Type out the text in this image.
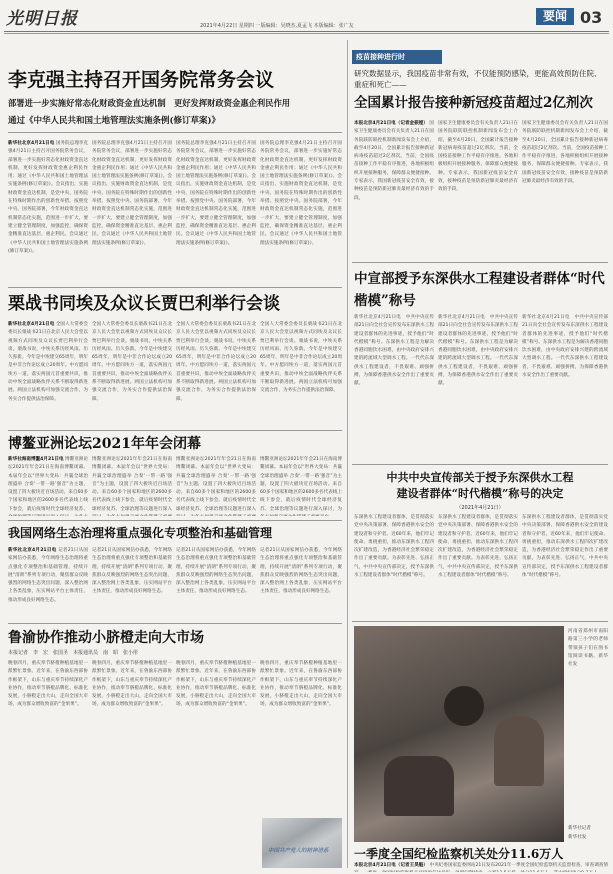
光明日报	2021年4月22日 星期四 一版编辑：吴晓杰,夏孟飞 本版编辑：张广友
要闻 03
李克强主持召开国务院常务会议
部署进一步实施好常态化财政资金直达机制　更好发挥财政资金惠企利民作用
通过《中华人民共和国土地管理法实施条例(修订草案)》
新华社北京4月21日电 国务院总理李克强4月21日主持召开国务院常务会议，部署进一步实施好常态化财政资金直达机制，更好发挥财政资金惠企利民作用；通过《中华人民共和国土地管理法实施条例(修订草案)》。会议指出，实施财政资金直达机制，是党中央、国务院在特殊时期作出的创新性举措。按照党中央、国务院部署，今年财政资金直达机制常态化实施，范围进一步扩大，要建立健全管理制度，加强监控，确保资金精准直达基层、惠企利民。会议通过《中华人民共和国土地管理法实施条例(修订草案)》。
国务院总理李克强4月21日主持召开国务院常务会议，部署进一步实施好常态化财政资金直达机制，更好发挥财政资金惠企利民作用；通过《中华人民共和国土地管理法实施条例(修订草案)》。会议指出，实施财政资金直达机制，是党中央、国务院在特殊时期作出的创新性举措。按照党中央、国务院部署，今年财政资金直达机制常态化实施，范围进一步扩大，要建立健全管理制度，加强监控，确保资金精准直达基层、惠企利民。会议通过《中华人民共和国土地管理法实施条例(修订草案)》。
国务院总理李克强4月21日主持召开国务院常务会议，部署进一步实施好常态化财政资金直达机制，更好发挥财政资金惠企利民作用；通过《中华人民共和国土地管理法实施条例(修订草案)》。会议指出，实施财政资金直达机制，是党中央、国务院在特殊时期作出的创新性举措。按照党中央、国务院部署，今年财政资金直达机制常态化实施，范围进一步扩大，要建立健全管理制度，加强监控，确保资金精准直达基层、惠企利民。会议通过《中华人民共和国土地管理法实施条例(修订草案)》。
国务院总理李克强4月21日主持召开国务院常务会议，部署进一步实施好常态化财政资金直达机制，更好发挥财政资金惠企利民作用；通过《中华人民共和国土地管理法实施条例(修订草案)》。会议指出，实施财政资金直达机制，是党中央、国务院在特殊时期作出的创新性举措。按照党中央、国务院部署，今年财政资金直达机制常态化实施，范围进一步扩大，要建立健全管理制度，加强监控，确保资金精准直达基层、惠企利民。会议通过《中华人民共和国土地管理法实施条例(修订草案)》。
栗战书同埃及众议长贾巴利举行会谈
新华社北京4月21日电 全国人大常委会委员长栗战书21日在北京人民大会堂以视频方式同埃及众议长贾巴利举行会谈。栗战书说，中埃关系历经风雨、历久弥新。今年是中埃建交65周年，明年是中非合作论坛成立20周年。中方愿同埃方一道，落实两国元首重要共识，推动中埃全面战略伙伴关系不断取得新进展。两国立法机构可加强交流合作，为务实合作提供法治保障。
全国人大常委会委员长栗战书21日在北京人民大会堂以视频方式同埃及众议长贾巴利举行会谈。栗战书说，中埃关系历经风雨、历久弥新。今年是中埃建交65周年，明年是中非合作论坛成立20周年。中方愿同埃方一道，落实两国元首重要共识，推动中埃全面战略伙伴关系不断取得新进展。两国立法机构可加强交流合作，为务实合作提供法治保障。
全国人大常委会委员长栗战书21日在北京人民大会堂以视频方式同埃及众议长贾巴利举行会谈。栗战书说，中埃关系历经风雨、历久弥新。今年是中埃建交65周年，明年是中非合作论坛成立20周年。中方愿同埃方一道，落实两国元首重要共识，推动中埃全面战略伙伴关系不断取得新进展。两国立法机构可加强交流合作，为务实合作提供法治保障。
全国人大常委会委员长栗战书21日在北京人民大会堂以视频方式同埃及众议长贾巴利举行会谈。栗战书说，中埃关系历经风雨、历久弥新。今年是中埃建交65周年，明年是中非合作论坛成立20周年。中方愿同埃方一道，落实两国元首重要共识，推动中埃全面战略伙伴关系不断取得新进展。两国立法机构可加强交流合作，为务实合作提供法治保障。
博鳌亚洲论坛2021年年会闭幕
新华社海南博鳌4月21日电 博鳌亚洲论坛2021年年会21日在海南博鳌闭幕。本届年会以“世界大变局：共襄全球治理盛举 合奏‘一带一路’强音”为主题，设置了四大板块近百场活动。来自60多个国家和地区的2600多名代表线上线下参会，就后疫情时代全球经济复苏、
博鳌亚洲论坛2021年年会21日在海南博鳌闭幕。本届年会以“世界大变局：共襄全球治理盛举 合奏‘一带一路’强音”为主题，设置了四大板块近百场活动。来自60多个国家和地区的2600多名代表线上线下参会，就后疫情时代全球经济复苏、全球治理等议题进行深入
博鳌亚洲论坛2021年年会21日在海南博鳌闭幕。本届年会以“世界大变局：共襄全球治理盛举 合奏‘一带一路’强音”为主题，设置了四大板块近百场活动。来自60多个国家和地区的2600多名代表线上线下参会，就后疫情时代全球经济复苏、全球治理等议题进行深入
博鳌亚洲论坛2021年年会21日在海南博鳌闭幕。本届年会以“世界大变局：共襄全球治理盛举 合奏‘一带一路’强音”为主题，设置了四大板块近百场活动。来自60多个国家和地区的2600多名代表线上线下参会，就后疫情时代全球经济复苏、全球治理等议题进行深入探讨，为
我国网络生态治理将重点强化专项整治和基础管理
新华社北京4月21日电 记者21日从国家网信办获悉，今年网络生态治理将重点强化专项整治和基础管理，持续开展“清朗”系列专项行动，聚焦群众反映强烈的网络生态突出问题，深入整治网上各类乱象，压实网站平台主体责任，推动形成良好网络生态。
记者21日从国家网信办获悉，今年网络生态治理将重点强化专项整治和基础管理，持续开展“清朗”系列专项行动，聚焦群众反映强烈的网络生态突出问题，深入整治网上各类乱象，压实网站平台主体责任，推动形成良好网络生态。
记者21日从国家网信办获悉，今年网络生态治理将重点强化专项整治和基础管理，持续开展“清朗”系列专项行动，聚焦群众反映强烈的网络生态突出问题，深入整治网上各类乱象，压实网站平台主体责任，推动形成良好网络生态。
记者21日从国家网信办获悉，今年网络生态治理将重点强化专项整治和基础管理，持续开展“清朗”系列专项行动，聚焦群众反映强烈的网络生态突出问题，深入整治网上各类乱象，压实网站平台主体责任，推动形成良好网络生态。
鲁渝协作推动小脐橙走向大市场
本报记者　李　宏　张国圣　本报通讯员　南　昭　张小彤
晚春四月，重庆奉节脐橙种植基地里一派繁忙景象。近年来，在鲁渝东西部协作框架下，山东与重庆奉节持续深化产业协作，推动奉节脐橙品牌化、标准化发展，小脐橙走出大山，走向全国大市场，成为群众增收致富的“金果果”。
晚春四月，重庆奉节脐橙种植基地里一派繁忙景象。近年来，在鲁渝东西部协作框架下，山东与重庆奉节持续深化产业协作，推动奉节脐橙品牌化、标准化发展，小脐橙走出大山，走向全国大市场，成为群众增收致富的“金果果”。
晚春四月，重庆奉节脐橙种植基地里一派繁忙景象。近年来，在鲁渝东西部协作框架下，山东与重庆奉节持续深化产业协作，推动奉节脐橙品牌化、标准化发展，小脐橙走出大山，走向全国大市场，成为群众增收致富的“金果果”。
晚春四月，重庆奉节脐橙种植基地里一派繁忙景象。近年来，在鲁渝东西部协作框架下，山东与重庆奉节持续深化产业协作，推动奉节脐橙品牌化、标准化发展，小脐橙走出大山，走向全国大市场，成为群众增收致富的“金果果”。
中国共产党人的精神谱系
疫苗接种进行时
研究数据显示，我国疫苗非常有效，不仅能预防感染，更能高效预防住院、重症和死亡——
全国累计报告接种新冠疫苗超过2亿剂次
本报北京4月21日电（记者金振娅） 国家卫生健康委员会有关负责人21日在国务院联防联控机制新闻发布会上介绍，截至4月20日，全国累计报告接种新冠病毒疫苗超过2亿剂次。当前，全国疫苗接种工作平稳有序推进，各地积极组织开展接种服务，保障群众便捷接种。专家表示，我国新冠疫苗安全有效，接种疫苗是预防新冠肺炎最经济有效的手段。
国家卫生健康委员会有关负责人21日在国务院联防联控机制新闻发布会上介绍，截至4月20日，全国累计报告接种新冠病毒疫苗超过2亿剂次。当前，全国疫苗接种工作平稳有序推进，各地积极组织开展接种服务，保障群众便捷接种。专家表示，我国新冠疫苗安全有效，接种疫苗是预防新冠肺炎最经济有效的手段。
国家卫生健康委员会有关负责人21日在国务院联防联控机制新闻发布会上介绍，截至4月20日，全国累计报告接种新冠病毒疫苗超过2亿剂次。当前，全国疫苗接种工作平稳有序推进，各地积极组织开展接种服务，保障群众便捷接种。专家表示，我国新冠疫苗安全有效，接种疫苗是预防新冠肺炎最经济有效的手段。
中宣部授予东深供水工程建设者群体“时代楷模”称号
新华社北京4月21日电　中共中央宣传部21日向全社会宣传发布东深供水工程建设者群体的先进事迹，授予他们“时代楷模”称号。东深供水工程是为解决香港同胞饮水困难，由中央政府安排兴建的跨流域大型调水工程。一代代东深供水工程建设者，不畏艰难、顽强拼搏，为保障香港供水安全作出了重要贡献。
新华社北京4月21日电　中共中央宣传部21日向全社会宣传发布东深供水工程建设者群体的先进事迹，授予他们“时代楷模”称号。东深供水工程是为解决香港同胞饮水困难，由中央政府安排兴建的跨流域大型调水工程。一代代东深供水工程建设者，不畏艰难、顽强拼搏，为保障香港供水安全作出了重要贡献。
新华社北京4月21日电　中共中央宣传部21日向全社会宣传发布东深供水工程建设者群体的先进事迹，授予他们“时代楷模”称号。东深供水工程是为解决香港同胞饮水困难，由中央政府安排兴建的跨流域大型调水工程。一代代东深供水工程建设者，不畏艰难、顽强拼搏，为保障香港供水安全作出了重要贡献。
中共中央宣传部关于授予东深供水工程
建设者群体“时代楷模”称号的决定
（2021年4月21日）
东深供水工程建设者群体，是贯彻落实党中央决策部署、保障香港供水安全的建设者和守护者。近60年来，他们牢记使命、勇挑重担，推动东深供水工程四次扩建改造，为香港经济社会繁荣稳定作出了重要贡献。为表彰先进、弘扬正气，中共中央宣传部决定，授予东深供水工程建设者群体“时代楷模”称号。
东深供水工程建设者群体，是贯彻落实党中央决策部署、保障香港供水安全的建设者和守护者。近60年来，他们牢记使命、勇挑重担，推动东深供水工程四次扩建改造，为香港经济社会繁荣稳定作出了重要贡献。为表彰先进、弘扬正气，中共中央宣传部决定，授予东深供水工程建设者群体“时代楷模”称号。
东深供水工程建设者群体，是贯彻落实党中央决策部署、保障香港供水安全的建设者和守护者。近60年来，他们牢记使命、勇挑重担，推动东深供水工程四次扩建改造，为香港经济社会繁荣稳定作出了重要贡献。为表彰先进、弘扬正气，中共中央宣传部决定，授予东深供水工程建设者群体“时代楷模”称号。
河南省郑州市南阳路第三小学的老师带领孩子们在图书馆阅读书籍。新华社发
新华社记者
新华社发
一季度全国纪检监察机关处分11.6万人
本报北京4月21日电（记者王昊魁） 中央纪委国家监委网站21日发布2021年一季度全国纪检监察机关监督检查、审查调查情
